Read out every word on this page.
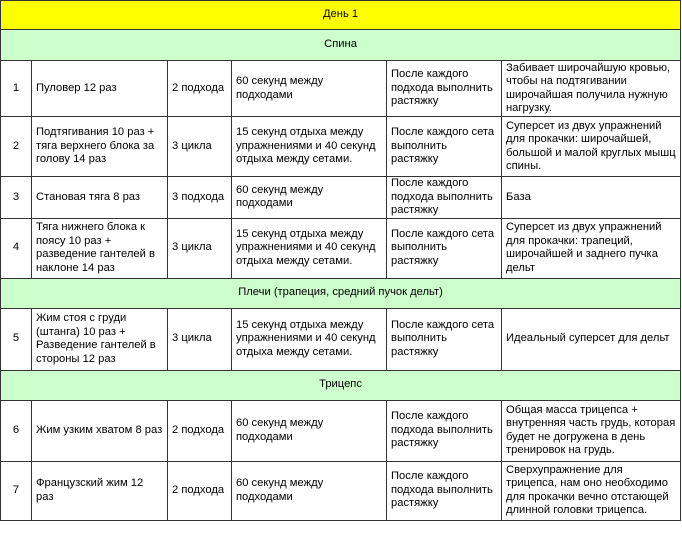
День 1					
Спина					
1	Пуловер 12 раз	2 подхода	60 секунд между подходами	После каждого подхода выполнить растяжку	Забивает широчайшую кровью, чтобы на подтягивании широчайшая получила нужную нагрузку.
2	Подтягивания 10 раз + тяга верхнего блока за голову 14 раз	3 цикла	15 секунд отдыха между упражнениями и 40 секунд отдыха между сетами.	После каждого сета выполнить растяжку	Суперсет из двух упражнений для прокачки: широчайшей, большой и малой круглых мышц спины.
3	Становая тяга 8 раз	3 подхода	60 секунд между подходами	После каждого подхода выполнить растяжку	База
4	Тяга нижнего блока к поясу 10 раз + разведение гантелей в наклоне 14 раз	3 цикла	15 секунд отдыха между упражнениями и 40 секунд отдыха между сетами.	После каждого сета выполнить растяжку	Суперсет из двух упражнений для прокачки: трапеций, широчайшей и заднего пучка дельт
Плечи (трапеция, средний пучок дельт)					
5	Жим стоя с груди (штанга) 10 раз + Разведение гантелей в стороны 12 раз	3 цикла	15 секунд отдыха между упражнениями и 40 секунд отдыха между сетами.	После каждого сета выполнить растяжку	Идеальный суперсет для дельт
Трицепс					
6	Жим узким хватом 8 раз	2 подхода	60 секунд между подходами	После каждого подхода выполнить растяжку	Общая масса трицепса + внутренняя часть грудь, которая будет не догружена в день тренировок на грудь.
7	Французский жим 12 раз	2 подхода	60 секунд между подходами	После каждого подхода выполнить растяжку	Сверхупражнение для трицепса, нам оно необходимо для прокачки вечно отстающей длинной головки трицепса.
